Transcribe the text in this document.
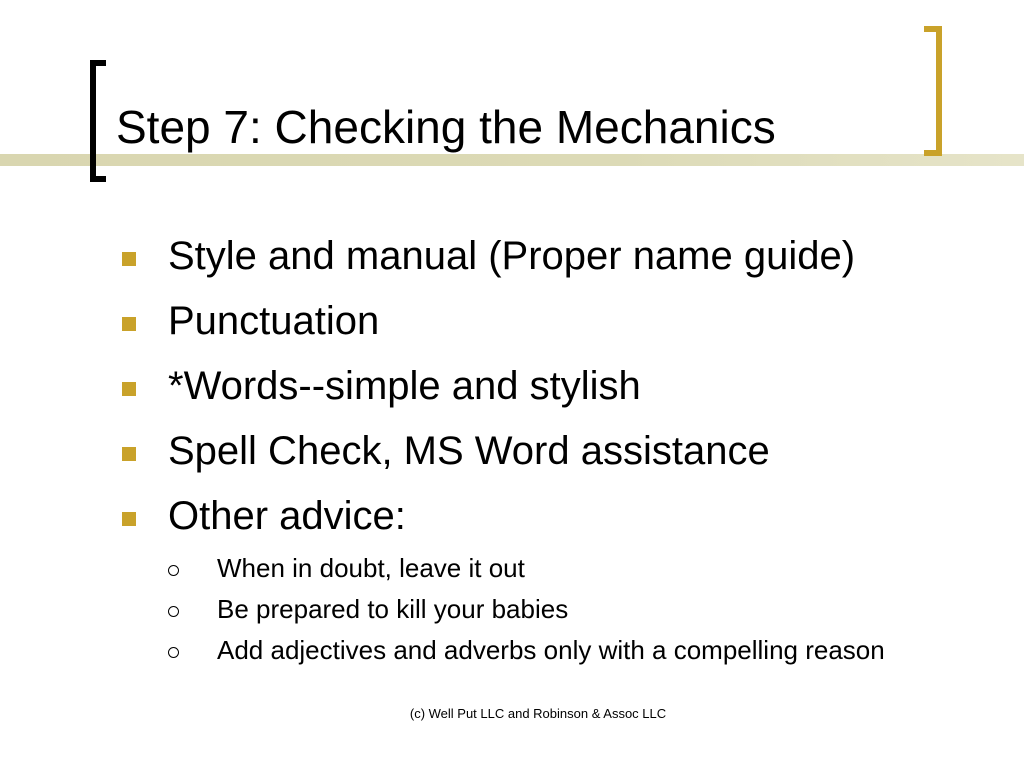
Step 7: Checking the Mechanics
Style and manual (Proper name guide)
Punctuation
*Words--simple and stylish
Spell Check, MS Word assistance
Other advice:
When in doubt, leave it out
Be prepared to kill your babies
Add adjectives and adverbs only with a compelling reason
(c) Well Put LLC and Robinson & Assoc LLC
